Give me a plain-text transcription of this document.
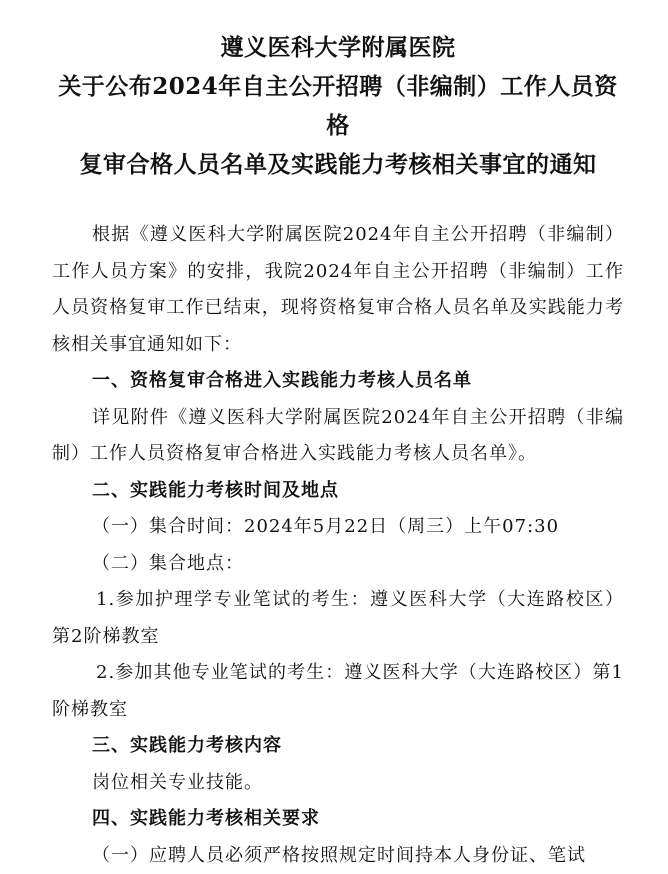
遵义医科大学附属医院

关于公布2024年自主公开招聘（非编制）工作人员资格

复审合格人员名单及实践能力考核相关事宜的通知

根据《遵义医科大学附属医院2024年自主公开招聘（非编制）工作人员方案》的安排，我院2024年自主公开招聘（非编制）工作人员资格复审工作已结束，现将资格复审合格人员名单及实践能力考核相关事宜通知如下：

一、资格复审合格进入实践能力考核人员名单

详见附件《遵义医科大学附属医院2024年自主公开招聘（非编制）工作人员资格复审合格进入实践能力考核人员名单》。

二、实践能力考核时间及地点

（一）集合时间：2024年5月22日（周三）上午07:30

（二）集合地点：

1.参加护理学专业笔试的考生：遵义医科大学（大连路校区）第2阶梯教室

2.参加其他专业笔试的考生：遵义医科大学（大连路校区）第1阶梯教室

三、实践能力考核内容

岗位相关专业技能。

四、实践能力考核相关要求

（一）应聘人员必须严格按照规定时间持本人身份证、笔试
